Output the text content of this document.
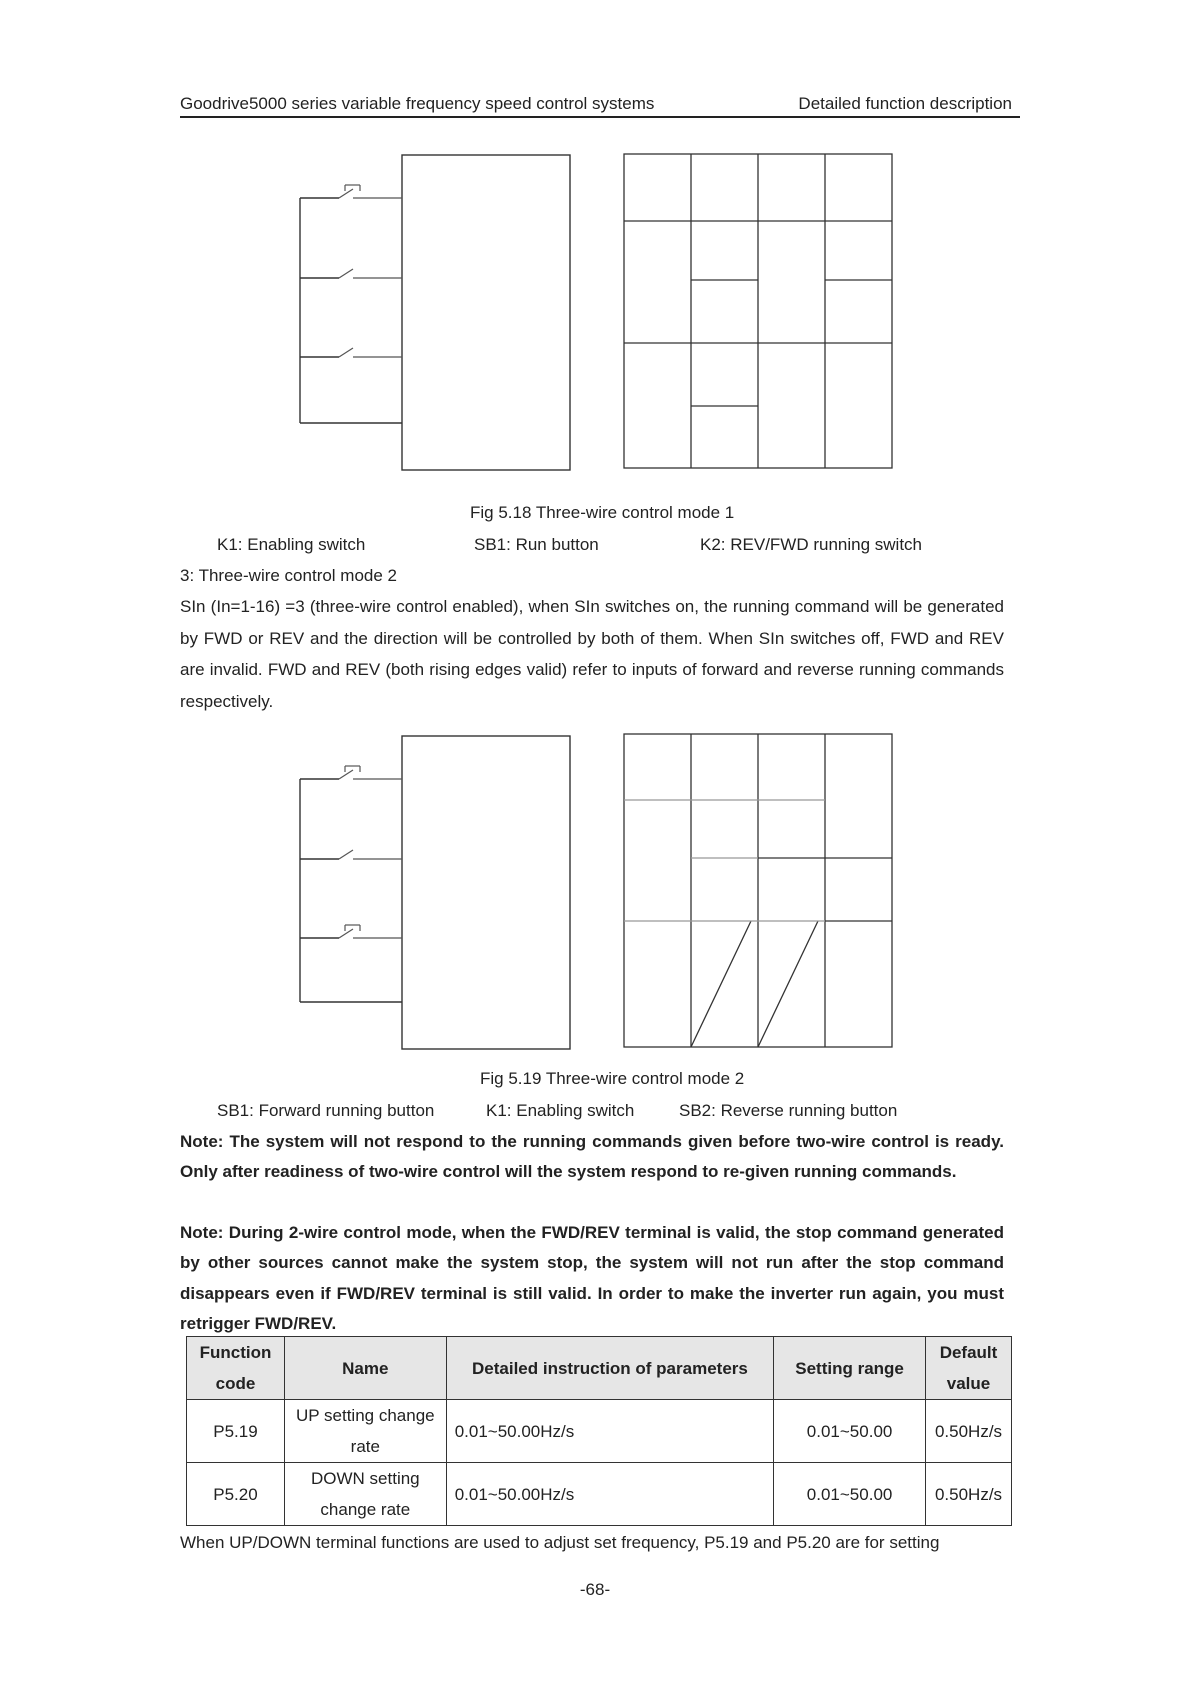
Goodrive5000 series variable frequency speed control systems	Detailed function description
Fig 5.18 Three-wire control mode 1
K1: Enabling switch	SB1: Run button	K2: REV/FWD running switch
3: Three-wire control mode 2
SIn (In=1-16) =3 (three-wire control enabled), when SIn switches on, the running command will be generated by FWD or REV and the direction will be controlled by both of them. When SIn switches off, FWD and REV are invalid. FWD and REV (both rising edges valid) refer to inputs of forward and reverse running commands respectively.
Fig 5.19 Three-wire control mode 2
SB1: Forward running button	K1: Enabling switch	SB2: Reverse running button
Note: The system will not respond to the running commands given before two-wire control is ready. Only after readiness of two-wire control will the system respond to re-given running commands.
Note: During 2-wire control mode, when the FWD/REV terminal is valid, the stop command generated by other sources cannot make the system stop, the system will not run after the stop command disappears even if FWD/REV terminal is still valid. In order to make the inverter run again, you must retrigger FWD/REV.
Function code	Name	Detailed instruction of parameters	Setting range	Default value
P5.19	UP setting change rate	0.01~50.00Hz/s	0.01~50.00	0.50Hz/s
P5.20	DOWN setting change rate	0.01~50.00Hz/s	0.01~50.00	0.50Hz/s
When UP/DOWN terminal functions are used to adjust set frequency, P5.19 and P5.20 are for setting
-68-
